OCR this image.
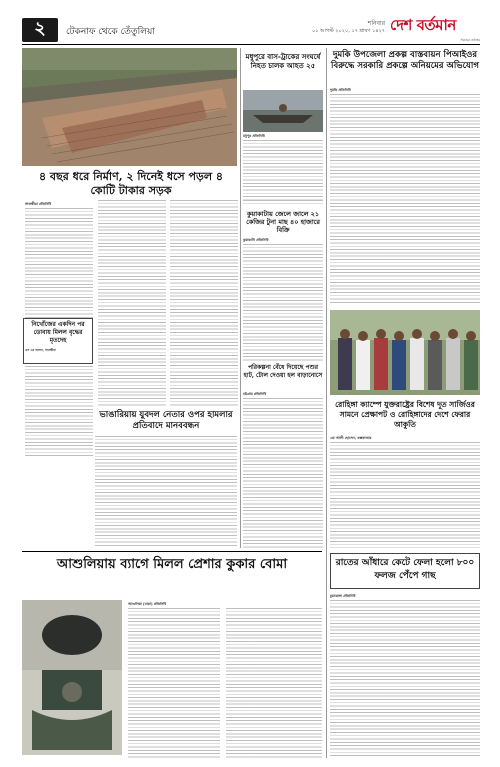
২	টেকনাফ থেকে তেঁতুলিয়া
শনিবার
০১ আগস্ট ২০২০, ১৭ শ্রাবণ ১৪২৭ দেশ বর্তমান
সময়ের কণ্ঠস্বর
মধুপুরে বাস-ট্রাকের সংঘর্ষে নিহত চালক আহত ২৫
মধুপুর প্রতিনিধি
দুমকি উপজেলা প্রকল্প বাস্তবায়ন পিআইওর বিরুদ্ধে সরকারি প্রকল্পে অনিয়মের অভিযোগ
দুমকি প্রতিনিধি
৪ বছর ধরে নির্মাণ, ২ দিনেই ধসে পড়ল ৪ কোটি টাকার সড়ক
কুয়াকাটায় জেলে জালে ২১ কেজির টুনা মাছ ৪০ হাজারে বিক্রি
কুয়াকাটা প্রতিনিধি
সাতক্ষীরা প্রতিনিধি
নিখোঁজের একদিন পর ডোবায় মিলল বৃদ্ধের মৃতদেহ
এস এম আলম, সাতক্ষীরা
ভাঙারিয়ায় যুবদল নেতার ওপর হামলার প্রতিবাদে মানববন্ধন
পরিকল্পনা বেঁধে দিয়েছে পশুর হাট, টোল দেওয়া হল বাড়ানোসে
চট্টগ্রাম প্রতিনিধি
রোহিঙ্গা ক্যাম্পে যুক্তরাষ্ট্রের বিশেষ দূত সার্জিওর সামনে প্রেক্ষাপট ও রোহিঙ্গাদের দেশে ফেরার আকুতি
এম আলী হোসেন, কক্সবাজার
আশুলিয়ায় ব্যাগে মিলল প্রেশার কুকার বোমা
আশুলিয়া (ঢাকা) প্রতিনিধি
রাতের আঁধারে কেটে ফেলা হলো ৮০০ ফলজ পেঁপে গাছ
চুয়াডাঙ্গা প্রতিনিধি
